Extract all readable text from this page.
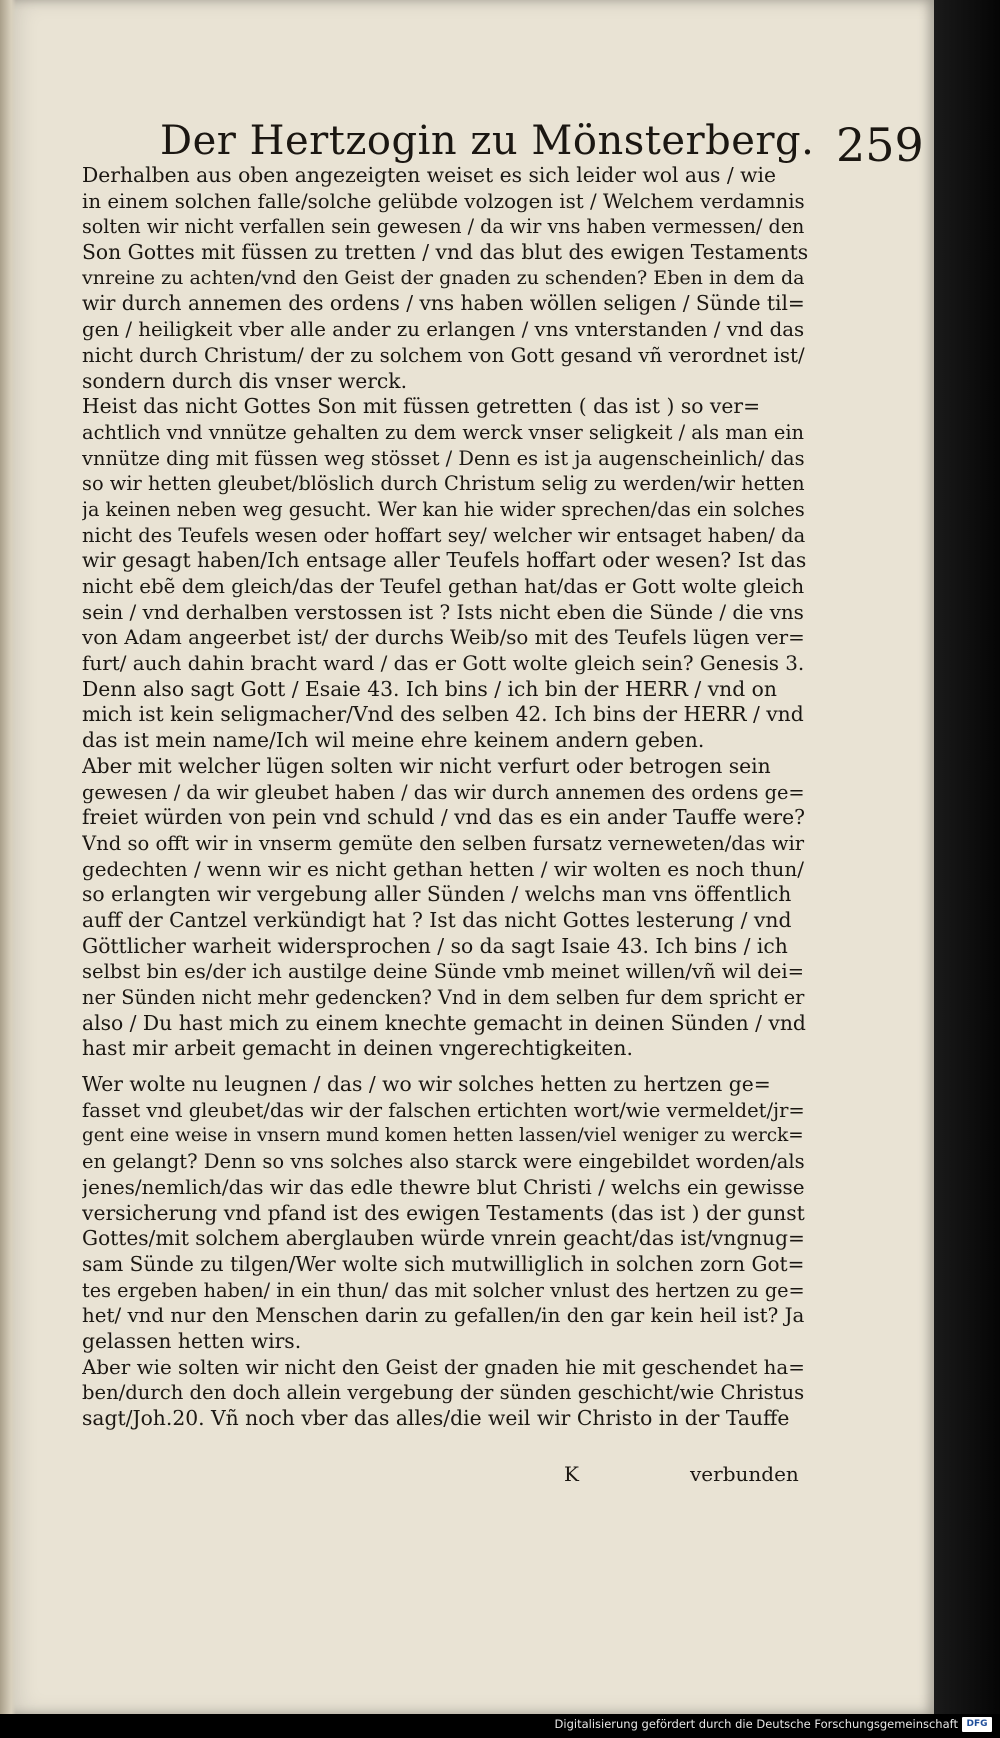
Der Hertzogin zu Mönsterberg. 259
Derhalben aus oben angezeigten weiset es sich leider wol aus / wie
in einem solchen falle/solche gelübde volzogen ist / Welchem verdamnis
solten wir nicht verfallen sein gewesen / da wir vns haben vermessen/ den
Son Gottes mit füssen zu tretten / vnd das blut des ewigen Testaments
vnreine zu achten/vnd den Geist der gnaden zu schenden? Eben in dem da
wir durch annemen des ordens / vns haben wöllen seligen / Sünde til=
gen / heiligkeit vber alle ander zu erlangen / vns vnterstanden / vnd das
nicht durch Christum/ der zu solchem von Gott gesand vñ verordnet ist/
sondern durch dis vnser werck.
Heist das nicht Gottes Son mit füssen getretten ( das ist ) so ver=
achtlich vnd vnnütze gehalten zu dem werck vnser seligkeit / als man ein
vnnütze ding mit füssen weg stösset / Denn es ist ja augenscheinlich/ das
so wir hetten gleubet/blöslich durch Christum selig zu werden/wir hetten
ja keinen neben weg gesucht. Wer kan hie wider sprechen/das ein solches
nicht des Teufels wesen oder hoffart sey/ welcher wir entsaget haben/ da
wir gesagt haben/Ich entsage aller Teufels hoffart oder wesen? Ist das
nicht ebẽ dem gleich/das der Teufel gethan hat/das er Gott wolte gleich
sein / vnd derhalben verstossen ist ? Ists nicht eben die Sünde / die vns
von Adam angeerbet ist/ der durchs Weib/so mit des Teufels lügen ver=
furt/ auch dahin bracht ward / das er Gott wolte gleich sein? Genesis 3.
Denn also sagt Gott / Esaie 43. Ich bins / ich bin der HERR / vnd on
mich ist kein seligmacher/Vnd des selben 42. Ich bins der HERR / vnd
das ist mein name/Ich wil meine ehre keinem andern geben.
Aber mit welcher lügen solten wir nicht verfurt oder betrogen sein
gewesen / da wir gleubet haben / das wir durch annemen des ordens ge=
freiet würden von pein vnd schuld / vnd das es ein ander Tauffe were?
Vnd so offt wir in vnserm gemüte den selben fursatz verneweten/das wir
gedechten / wenn wir es nicht gethan hetten / wir wolten es noch thun/
so erlangten wir vergebung aller Sünden / welchs man vns öffentlich
auff der Cantzel verkündigt hat ? Ist das nicht Gottes lesterung / vnd
Göttlicher warheit widersprochen / so da sagt Isaie 43. Ich bins / ich
selbst bin es/der ich austilge deine Sünde vmb meinet willen/vñ wil dei=
ner Sünden nicht mehr gedencken? Vnd in dem selben fur dem spricht er
also / Du hast mich zu einem knechte gemacht in deinen Sünden / vnd
hast mir arbeit gemacht in deinen vngerechtigkeiten.
Wer wolte nu leugnen / das / wo wir solches hetten zu hertzen ge=
fasset vnd gleubet/das wir der falschen ertichten wort/wie vermeldet/jr=
gent eine weise in vnsern mund komen hetten lassen/viel weniger zu werck=
en gelangt? Denn so vns solches also starck were eingebildet worden/als
jenes/nemlich/das wir das edle thewre blut Christi / welchs ein gewisse
versicherung vnd pfand ist des ewigen Testaments (das ist ) der gunst
Gottes/mit solchem aberglauben würde vnrein geacht/das ist/vngnug=
sam Sünde zu tilgen/Wer wolte sich mutwilliglich in solchen zorn Got=
tes ergeben haben/ in ein thun/ das mit solcher vnlust des hertzen zu ge=
het/ vnd nur den Menschen darin zu gefallen/in den gar kein heil ist? Ja
gelassen hetten wirs.
Aber wie solten wir nicht den Geist der gnaden hie mit geschendet ha=
ben/durch den doch allein vergebung der sünden geschicht/wie Christus
sagt/Joh.20. Vñ noch vber das alles/die weil wir Christo in der Tauffe
K	verbunden
Digitalisierung gefördert durch die Deutsche Forschungsgemeinschaft DFG
